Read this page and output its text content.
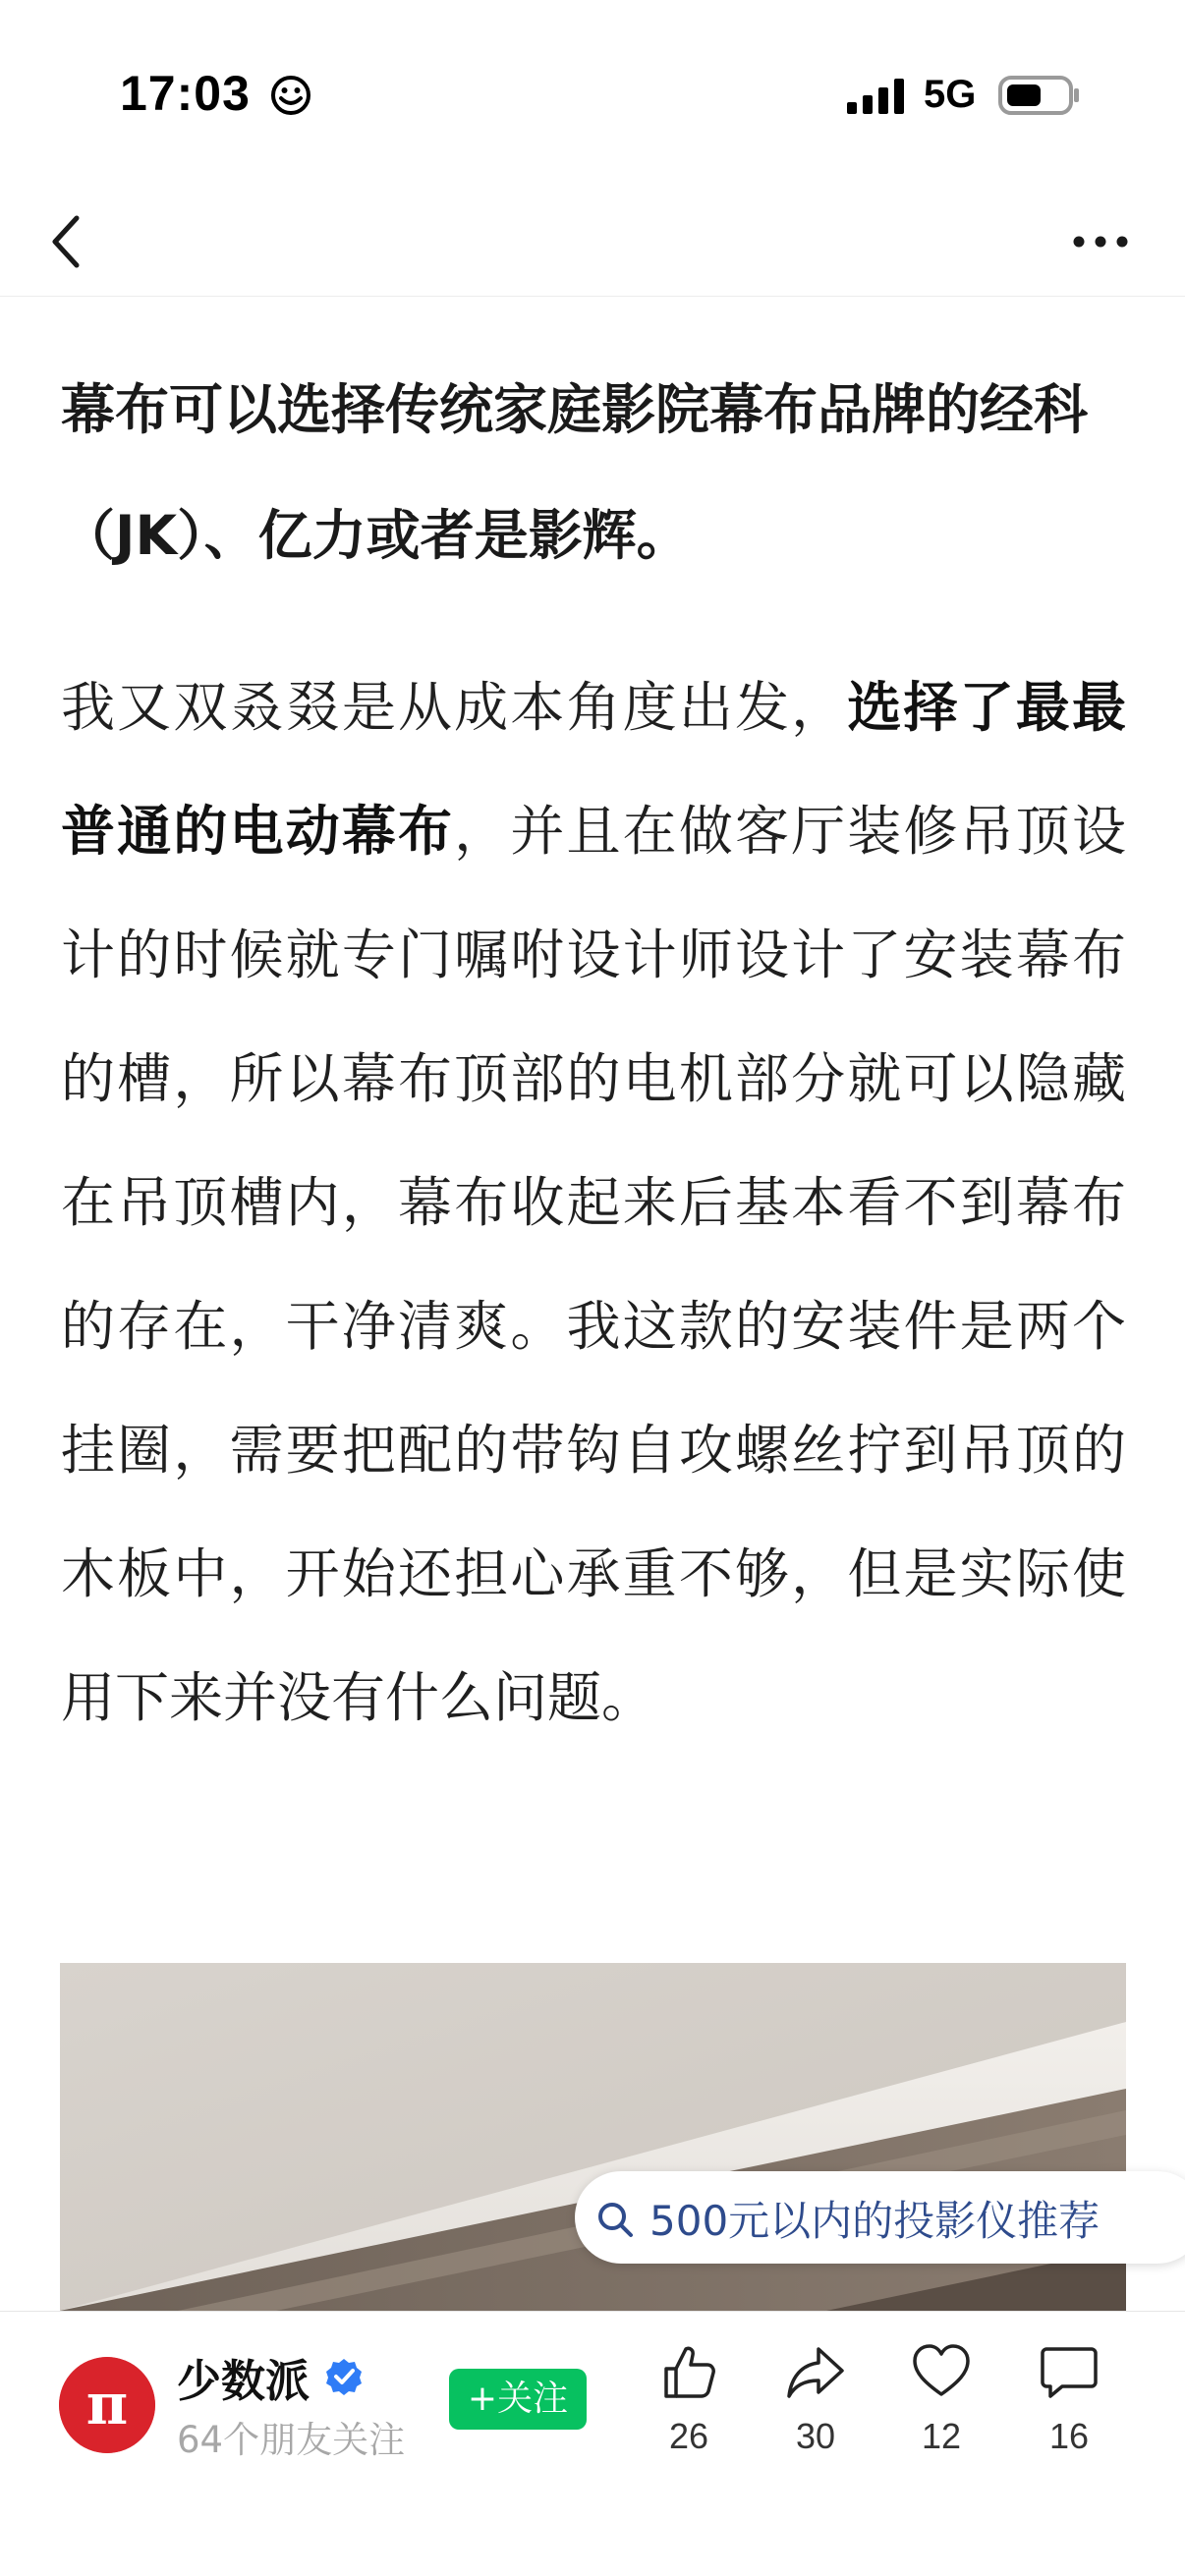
17:03	5G
幕布可以选择传统家庭影院幕布品牌的经科（JK）、亿力或者是影辉。
我又双叒叕是从成本角度出发，选择了最最普通的电动幕布，并且在做客厅装修吊顶设计的时候就专门嘱咐设计师设计了安装幕布的槽，所以幕布顶部的电机部分就可以隐藏在吊顶槽内，幕布收起来后基本看不到幕布的存在，干净清爽。我这款的安装件是两个挂圈，需要把配的带钩自攻螺丝拧到吊顶的木板中，开始还担心承重不够，但是实际使用下来并没有什么问题。
500元以内的投影仪推荐
π 少数派
64个朋友关注
+关注
26	30	12	16
